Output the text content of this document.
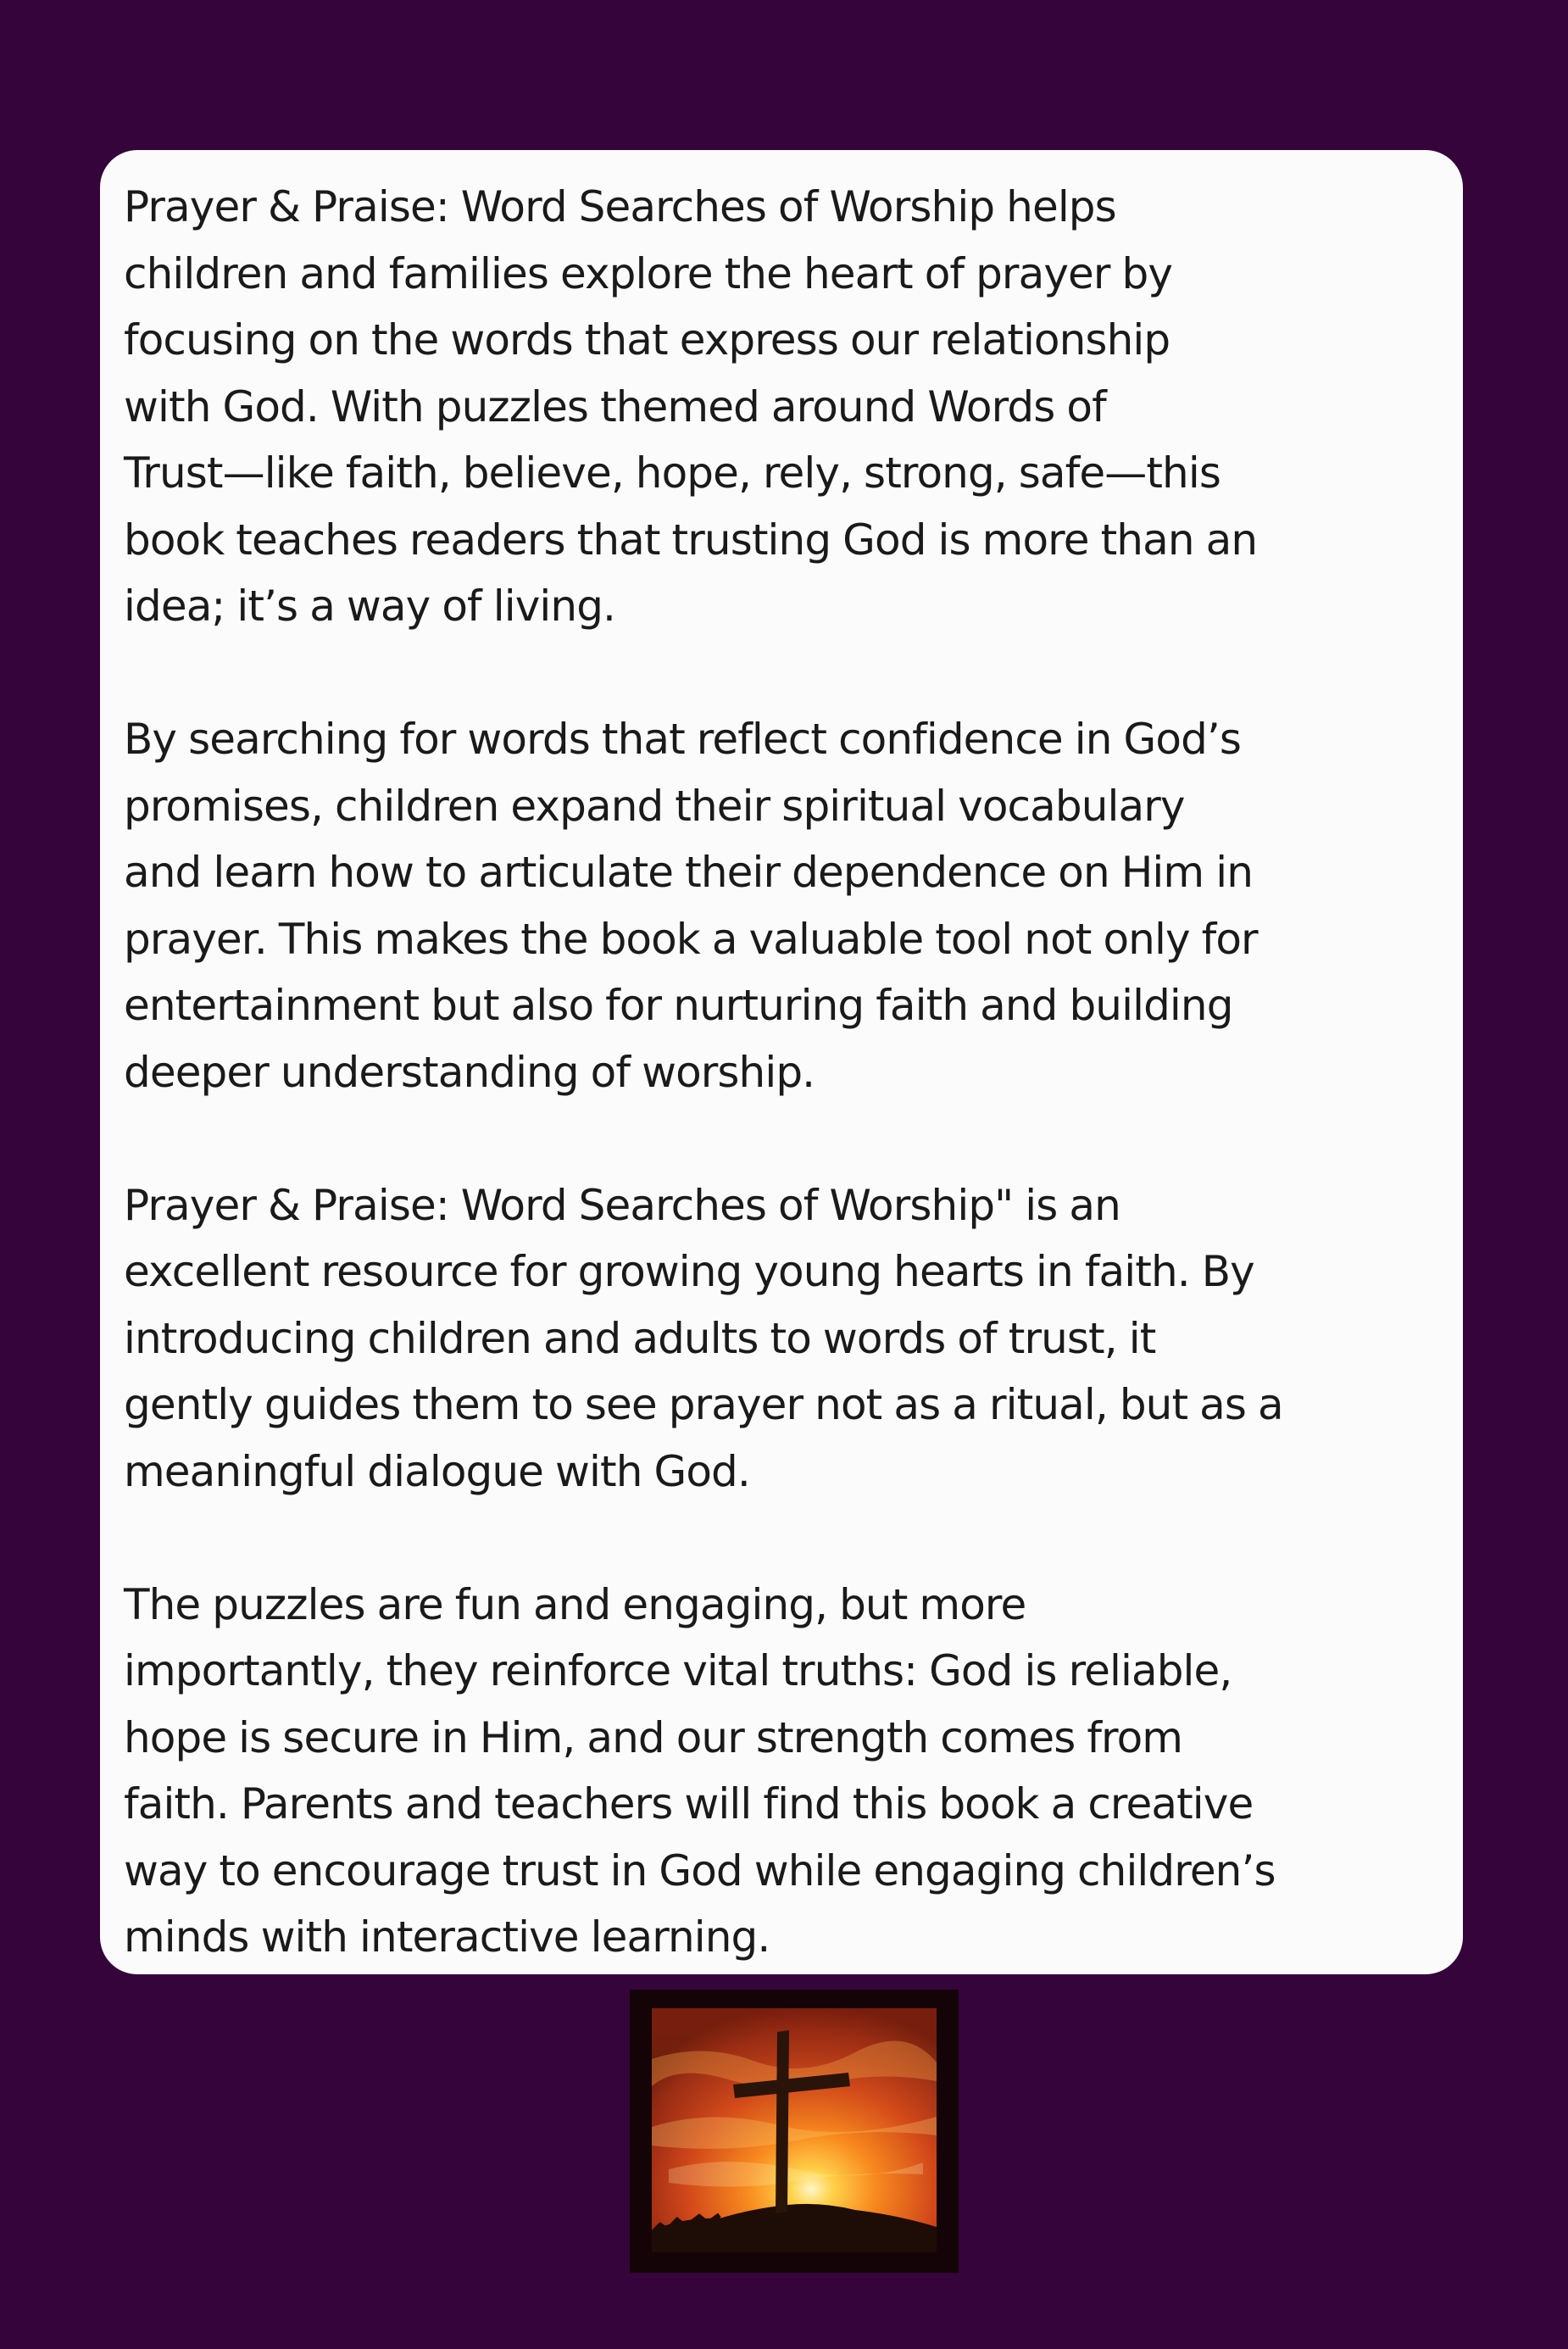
Prayer & Praise: Word Searches of Worship helps
children and families explore the heart of prayer by
focusing on the words that express our relationship
with God. With puzzles themed around Words of
Trust—like faith, believe, hope, rely, strong, safe—this
book teaches readers that trusting God is more than an
idea; it’s a way of living.

By searching for words that reflect confidence in God’s
promises, children expand their spiritual vocabulary
and learn how to articulate their dependence on Him in
prayer. This makes the book a valuable tool not only for
entertainment but also for nurturing faith and building
deeper understanding of worship.

Prayer & Praise: Word Searches of Worship" is an
excellent resource for growing young hearts in faith. By
introducing children and adults to words of trust, it
gently guides them to see prayer not as a ritual, but as a
meaningful dialogue with God.

The puzzles are fun and engaging, but more
importantly, they reinforce vital truths: God is reliable,
hope is secure in Him, and our strength comes from
faith. Parents and teachers will find this book a creative
way to encourage trust in God while engaging children’s
minds with interactive learning.
